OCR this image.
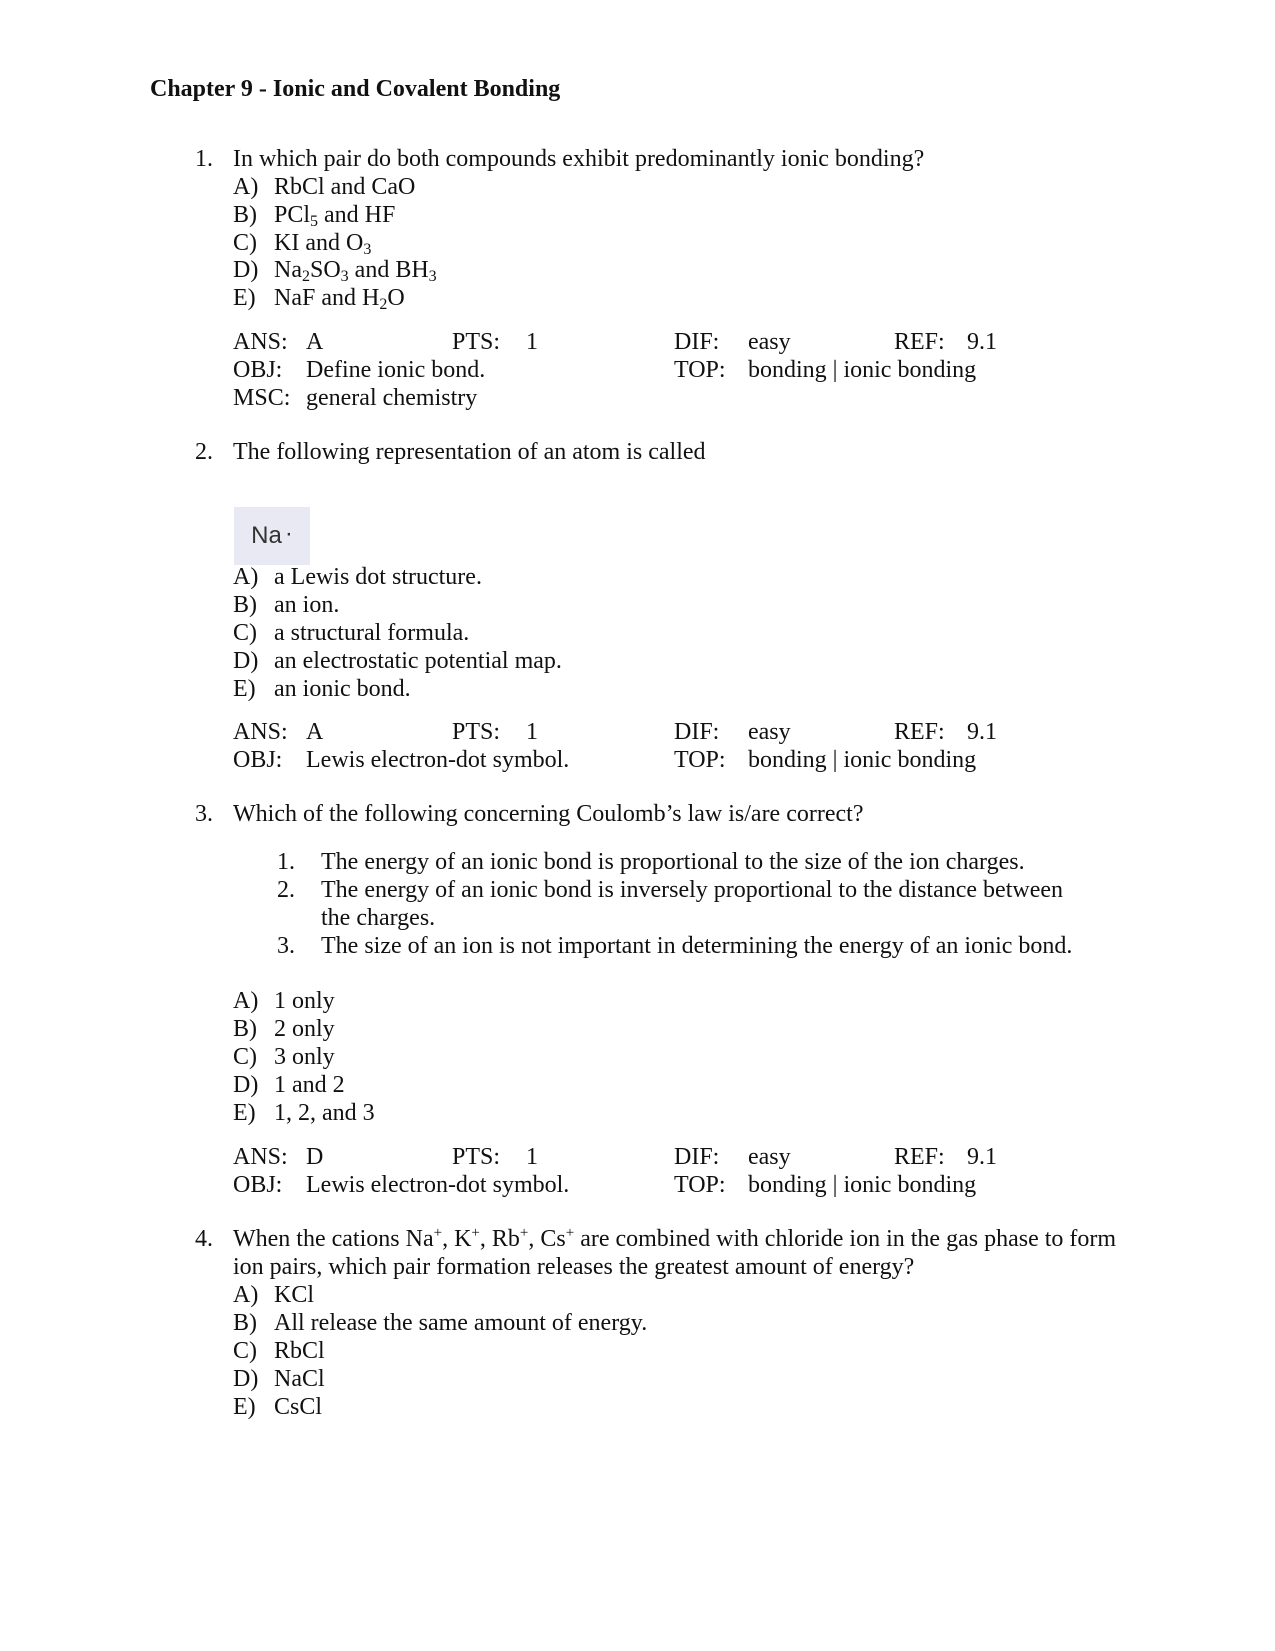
Chapter 9 - Ionic and Covalent Bonding
1. In which pair do both compounds exhibit predominantly ionic bonding?
A) RbCl and CaO
B) PCl$_5$ and HF
C) KI and $O_3$
D) $Na_2SO_3$ and $BH_3$
E) NaF and $H_2O$
ANS: A	PTS: 1	DIF: easy	REF: 9.1
OBJ: Define ionic bond.	TOP: bonding | ionic bonding
MSC: general chemistry
2. The following representation of an atom is called
Na ·
A) a Lewis dot structure.
B) an ion.
C) a structural formula.
D) an electrostatic potential map.
E) an ionic bond.
ANS: A	PTS: 1	DIF: easy	REF: 9.1
OBJ: Lewis electron-dot symbol.	TOP: bonding | ionic bonding
3. Which of the following concerning Coulomb’s law is/are correct?
1. The energy of an ionic bond is proportional to the size of the ion charges.
2. The energy of an ionic bond is inversely proportional to the distance between
the charges.
3. The size of an ion is not important in determining the energy of an ionic bond.
A) 1 only
B) 2 only
C) 3 only
D) 1 and 2
E) 1, 2, and 3
ANS: D	PTS: 1	DIF: easy	REF: 9.1
OBJ: Lewis electron-dot symbol.	TOP: bonding | ionic bonding
4. When the cations Na+, K+, Rb+, Cs+ are combined with chloride ion in the gas phase to form
ion pairs, which pair formation releases the greatest amount of energy?
A) KCl
B) All release the same amount of energy.
C) RbCl
D) NaCl
E) CsCl
